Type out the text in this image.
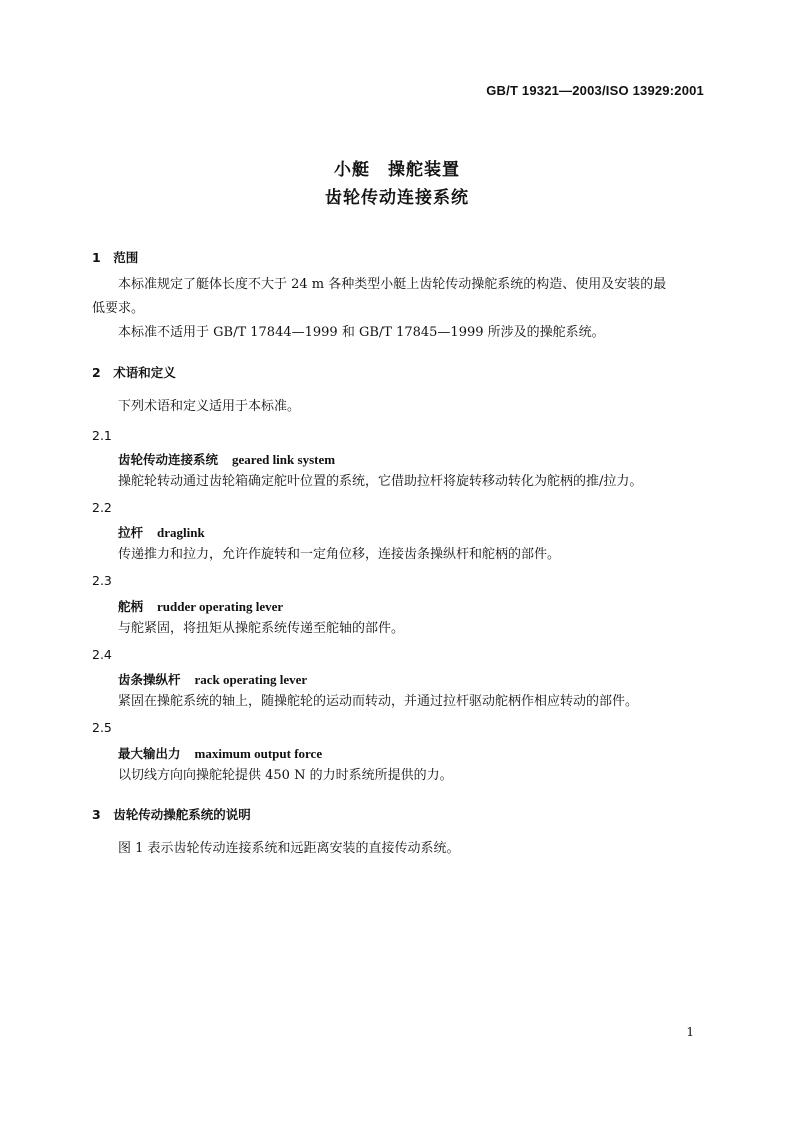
GB/T 19321—2003/ISO 13929:2001
小艇　操舵装置
齿轮传动连接系统
1　范围
本标准规定了艇体长度不大于 24 m 各种类型小艇上齿轮传动操舵系统的构造、使用及安装的最低要求。
本标准不适用于 GB/T 17844—1999 和 GB/T 17845—1999 所涉及的操舵系统。
2　术语和定义
下列术语和定义适用于本标准。
2.1
齿轮传动连接系统 geared link system
操舵轮转动通过齿轮箱确定舵叶位置的系统，它借助拉杆将旋转移动转化为舵柄的推/拉力。
2.2
拉杆 draglink
传递推力和拉力，允许作旋转和一定角位移，连接齿条操纵杆和舵柄的部件。
2.3
舵柄 rudder operating lever
与舵紧固，将扭矩从操舵系统传递至舵轴的部件。
2.4
齿条操纵杆 rack operating lever
紧固在操舵系统的轴上，随操舵轮的运动而转动，并通过拉杆驱动舵柄作相应转动的部件。
2.5
最大输出力 maximum output force
以切线方向向操舵轮提供 450 N 的力时系统所提供的力。
3　齿轮传动操舵系统的说明
图 1 表示齿轮传动连接系统和远距离安装的直接传动系统。
1
